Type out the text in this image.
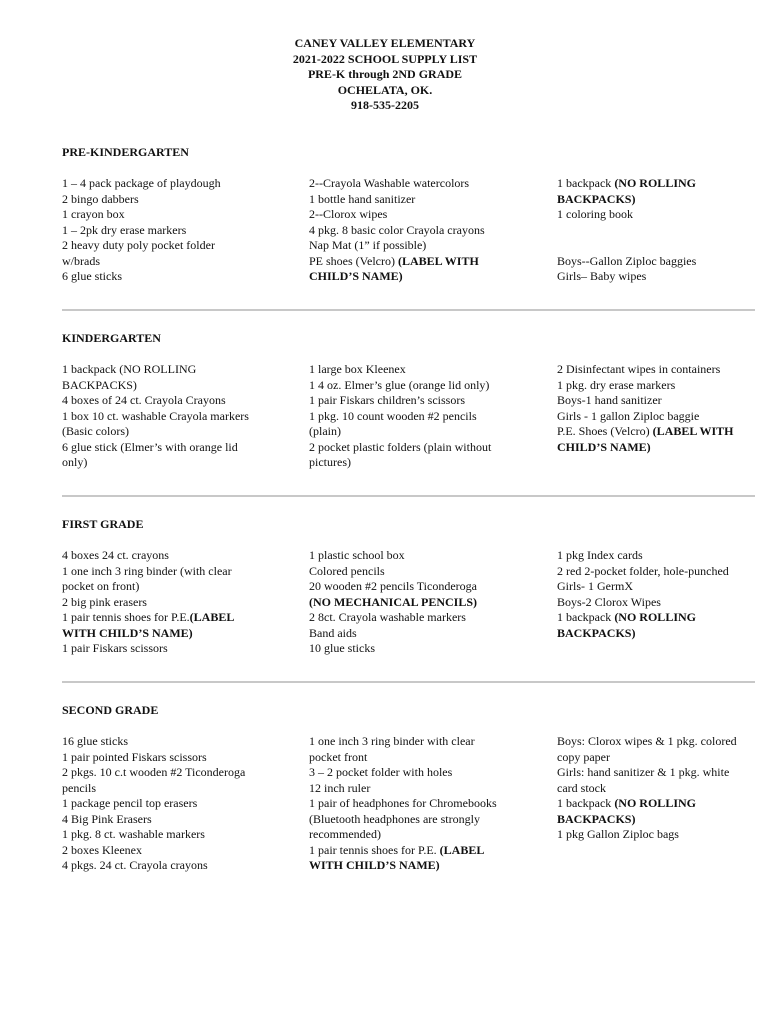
CANEY VALLEY ELEMENTARY
2021-2022 SCHOOL SUPPLY LIST
PRE-K through 2ND GRADE
OCHELATA, OK.
918-535-2205
PRE-KINDERGARTEN
1 – 4 pack package of playdough
2 bingo dabbers
1 crayon box
1 – 2pk dry erase markers
2 heavy duty poly pocket folder
w/brads
6 glue sticks
2--Crayola Washable watercolors
1 bottle hand sanitizer
2--Clorox wipes
4 pkg. 8 basic color Crayola crayons
Nap Mat (1” if possible)
PE shoes (Velcro) (LABEL WITH
CHILD’S NAME)
1 backpack (NO ROLLING
BACKPACKS)
1 coloring book
Boys--Gallon Ziploc baggies
Girls– Baby wipes
KINDERGARTEN
1 backpack (NO ROLLING
BACKPACKS)
4 boxes of 24 ct. Crayola Crayons
1 box 10 ct. washable Crayola markers
(Basic colors)
6 glue stick (Elmer’s with orange lid
only)
1 large box Kleenex
1 4 oz. Elmer’s glue (orange lid only)
1 pair Fiskars children’s scissors
1 pkg. 10 count wooden #2 pencils
(plain)
2 pocket plastic folders (plain without
pictures)
2 Disinfectant wipes in containers
1 pkg. dry erase markers
Boys-1 hand sanitizer
Girls - 1 gallon Ziploc baggie
P.E. Shoes (Velcro) (LABEL WITH
CHILD’S NAME)
FIRST GRADE
4 boxes 24 ct. crayons
1 one inch 3 ring binder (with clear
pocket on front)
2 big pink erasers
1 pair tennis shoes for P.E.(LABEL
WITH CHILD’S NAME)
1 pair Fiskars scissors
1 plastic school box
Colored pencils
20 wooden #2 pencils Ticonderoga
(NO MECHANICAL PENCILS)
2 8ct. Crayola washable markers
Band aids
10 glue sticks
1 pkg Index cards
2 red 2-pocket folder, hole-punched
Girls- 1 GermX
Boys-2 Clorox Wipes
1 backpack (NO ROLLING
BACKPACKS)
SECOND GRADE
16 glue sticks
1 pair pointed Fiskars scissors
2 pkgs. 10 c.t wooden #2 Ticonderoga
pencils
1 package pencil top erasers
4 Big Pink Erasers
1 pkg. 8 ct. washable markers
2 boxes Kleenex
4 pkgs. 24 ct. Crayola crayons
1 one inch 3 ring binder with clear
pocket front
3 – 2 pocket folder with holes
12 inch ruler
1 pair of headphones for Chromebooks
(Bluetooth headphones are strongly
recommended)
1 pair tennis shoes for P.E. (LABEL
WITH CHILD’S NAME)
Boys: Clorox wipes & 1 pkg. colored
copy paper
Girls: hand sanitizer & 1 pkg. white
card stock
1 backpack (NO ROLLING
BACKPACKS)
1 pkg Gallon Ziploc bags
